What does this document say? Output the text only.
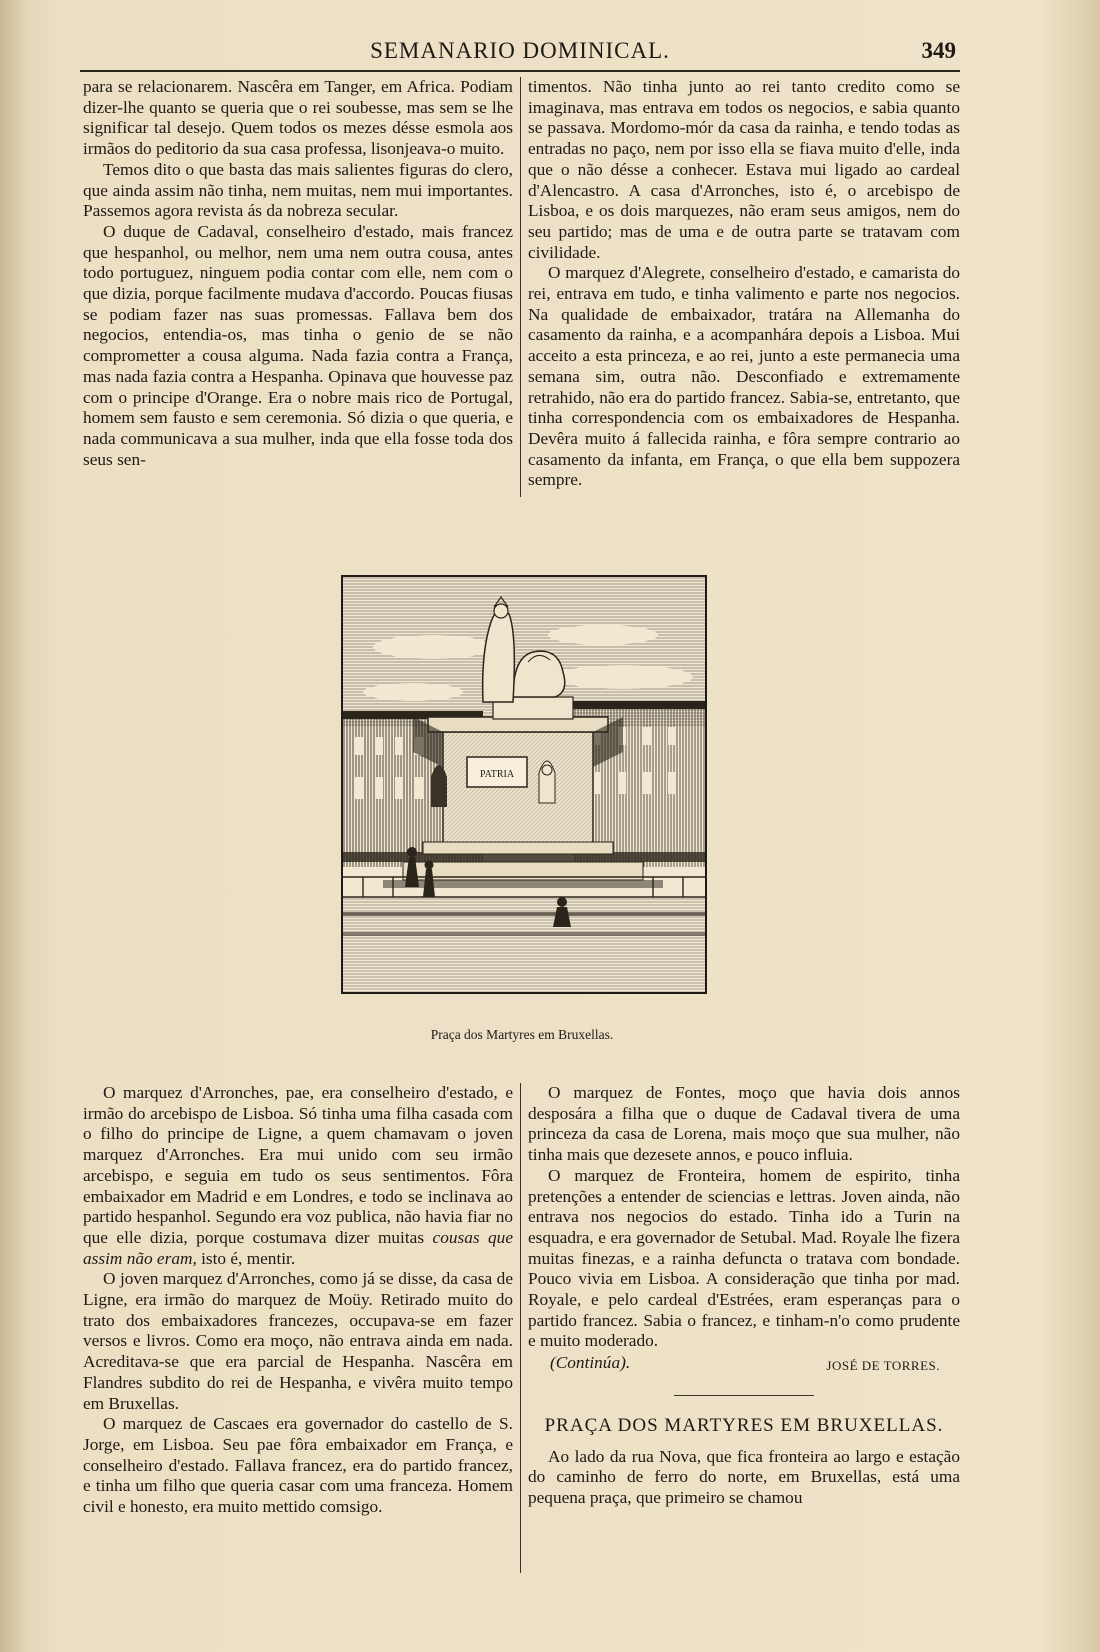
SEMANARIO DOMINICAL.	349

para se relacionarem. Nascêra em Tanger, em Africa. Podiam dizer-lhe quanto se queria que o rei soubesse, mas sem se lhe significar tal desejo. Quem todos os mezes désse esmola aos irmãos do peditorio da sua casa professa, lisonjeava-o muito.

Temos dito o que basta das mais salientes figuras do clero, que ainda assim não tinha, nem muitas, nem mui importantes. Passemos agora revista ás da nobreza secular.

O duque de Cadaval, conselheiro d'estado, mais francez que hespanhol, ou melhor, nem uma nem outra cousa, antes todo portuguez, ninguem podia contar com elle, nem com o que dizia, porque facilmente mudava d'accordo. Poucas fiusas se podiam fazer nas suas promessas. Fallava bem dos negocios, entendia-os, mas tinha o genio de se não comprometter a cousa alguma. Nada fazia contra a França, mas nada fazia contra a Hespanha. Opinava que houvesse paz com o principe d'Orange. Era o nobre mais rico de Portugal, homem sem fausto e sem ceremonia. Só dizia o que queria, e nada communicava a sua mulher, inda que ella fosse toda dos seus sen-

timentos. Não tinha junto ao rei tanto credito como se imaginava, mas entrava em todos os negocios, e sabia quanto se passava. Mordomo-mór da casa da rainha, e tendo todas as entradas no paço, nem por isso ella se fiava muito d'elle, inda que o não désse a conhecer. Estava mui ligado ao cardeal d'Alencastro. A casa d'Arronches, isto é, o arcebispo de Lisboa, e os dois marquezes, não eram seus amigos, nem do seu partido; mas de uma e de outra parte se tratavam com civilidade.

O marquez d'Alegrete, conselheiro d'estado, e camarista do rei, entrava em tudo, e tinha valimento e parte nos negocios. Na qualidade de embaixador, tratára na Allemanha do casamento da rainha, e a acompanhára depois a Lisboa. Mui acceito a esta princeza, e ao rei, junto a este permanecia uma semana sim, outra não. Desconfiado e extremamente retrahido, não era do partido francez. Sabia-se, entretanto, que tinha correspondencia com os embaixadores de Hespanha. Devêra muito á fallecida rainha, e fôra sempre contrario ao casamento da infanta, em França, o que ella bem suppozera sempre.

PATRIA
Praça dos Martyres em Bruxellas.

O marquez d'Arronches, pae, era conselheiro d'estado, e irmão do arcebispo de Lisboa. Só tinha uma filha casada com o filho do principe de Ligne, a quem chamavam o joven marquez d'Arronches. Era mui unido com seu irmão arcebispo, e seguia em tudo os seus sentimentos. Fôra embaixador em Madrid e em Londres, e todo se inclinava ao partido hespanhol. Segundo era voz publica, não havia fiar no que elle dizia, porque costumava dizer muitas cousas que assim não eram, isto é, mentir.

O joven marquez d'Arronches, como já se disse, da casa de Ligne, era irmão do marquez de Moüy. Retirado muito do trato dos embaixadores francezes, occupava-se em fazer versos e livros. Como era moço, não entrava ainda em nada. Acreditava-se que era parcial de Hespanha. Nascêra em Flandres subdito do rei de Hespanha, e vivêra muito tempo em Bruxellas.

O marquez de Cascaes era governador do castello de S. Jorge, em Lisboa. Seu pae fôra embaixador em França, e conselheiro d'estado. Fallava francez, era do partido francez, e tinha um filho que queria casar com uma franceza. Homem civil e honesto, era muito mettido comsigo.

O marquez de Fontes, moço que havia dois annos desposára a filha que o duque de Cadaval tivera de uma princeza da casa de Lorena, mais moço que sua mulher, não tinha mais que dezesete annos, e pouco influia.

O marquez de Fronteira, homem de espirito, tinha pretenções a entender de sciencias e lettras. Joven ainda, não entrava nos negocios do estado. Tinha ido a Turin na esquadra, e era governador de Setubal. Mad. Royale lhe fizera muitas finezas, e a rainha defuncta o tratava com bondade. Pouco vivia em Lisboa. A consideração que tinha por mad. Royale, e pelo cardeal d'Estrées, eram esperanças para o partido francez. Sabia o francez, e tinham-n'o como prudente e muito moderado.

(Continúa).	JOSÉ DE TORRES.
PRAÇA DOS MARTYRES EM BRUXELLAS.

Ao lado da rua Nova, que fica fronteira ao largo e estação do caminho de ferro do norte, em Bruxellas, está uma pequena praça, que primeiro se chamou
